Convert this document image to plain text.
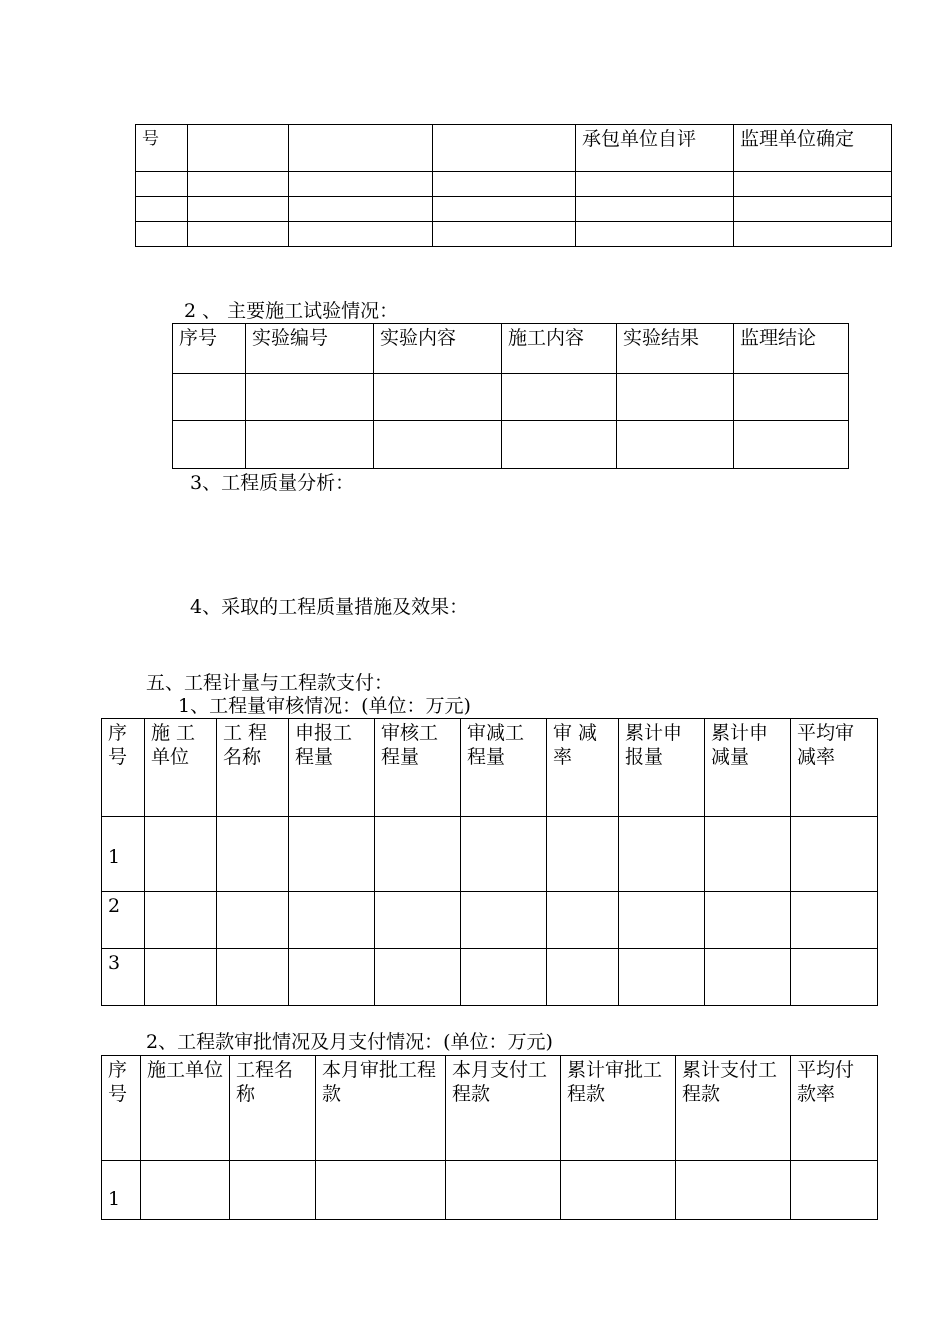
号				承包单位自评	监理单位确定

2 、 主要施工试验情况：
序号	实验编号	实验内容	施工内容	实验结果	监理结论

3、工程质量分析：
4、采取的工程质量措施及效果：
五、工程计量与工程款支付：
1、工程量审核情况：(单位：万元)
序号	施 工单位	工 程名称	申报工程量	审核工程量	审减工程量	审 减率	累计申报量	累计申减量	平均审减率
1									
2									
3									
2、工程款审批情况及月支付情况：(单位：万元)
序号	施工单位	工程名称	本月审批工程款	本月支付工程款	累计审批工程款	累计支付工程款	平均付款率
1							
